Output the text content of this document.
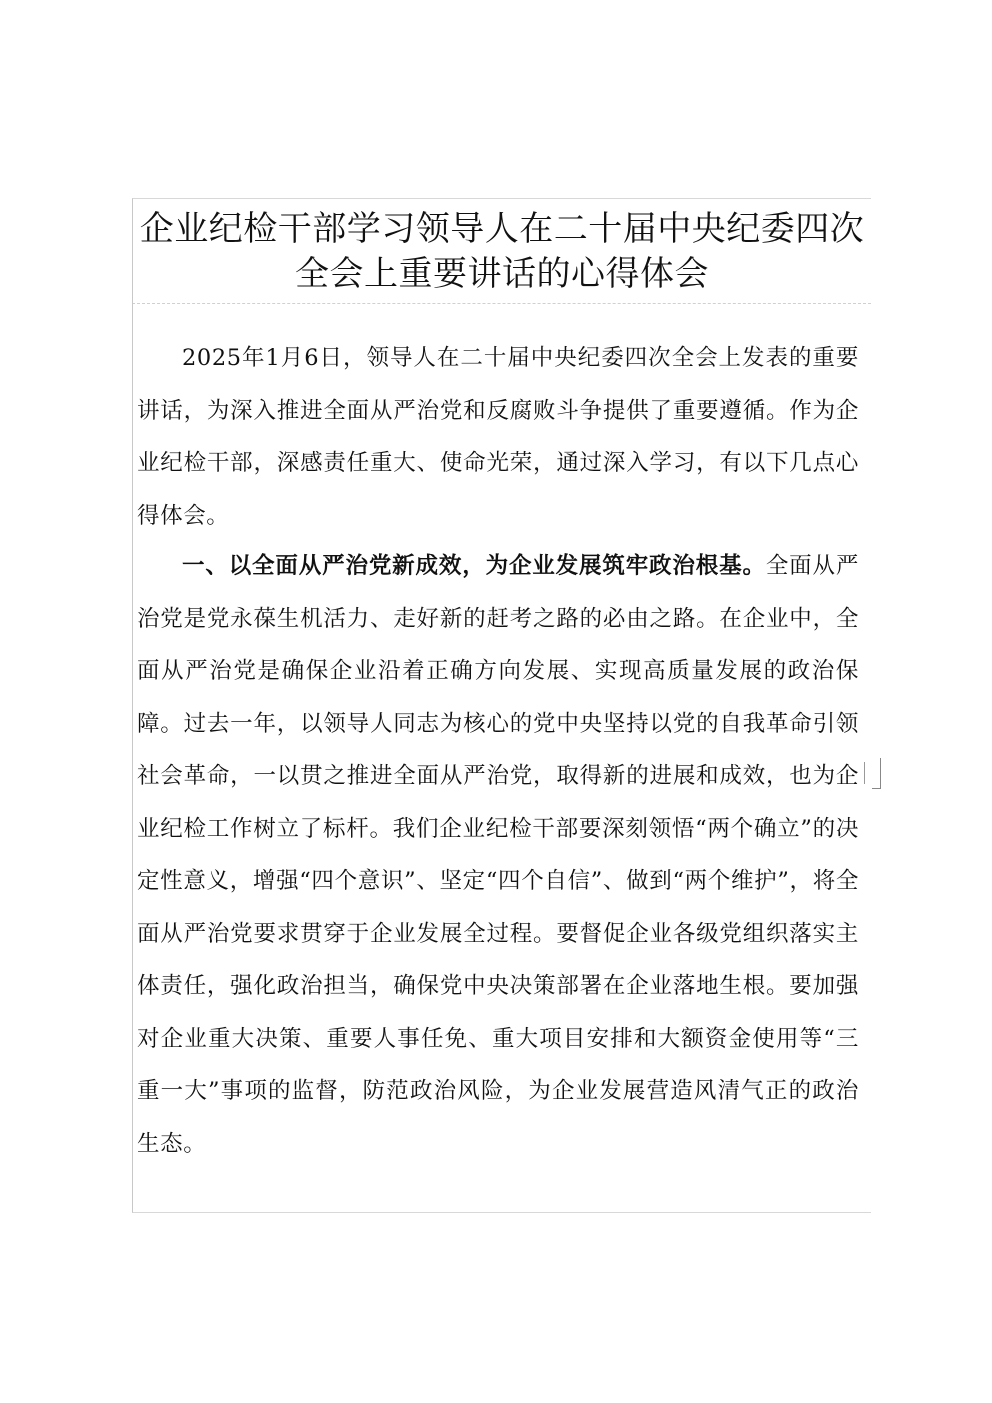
企业纪检干部学习领导人在二十届中央纪委四次全会上重要讲话的心得体会

2025年1月6日，领导人在二十届中央纪委四次全会上发表的重要讲话，为深入推进全面从严治党和反腐败斗争提供了重要遵循。作为企业纪检干部，深感责任重大、使命光荣，通过深入学习，有以下几点心得体会。

一、以全面从严治党新成效，为企业发展筑牢政治根基。全面从严治党是党永葆生机活力、走好新的赶考之路的必由之路。在企业中，全面从严治党是确保企业沿着正确方向发展、实现高质量发展的政治保障。过去一年，以领导人同志为核心的党中央坚持以党的自我革命引领社会革命，一以贯之推进全面从严治党，取得新的进展和成效，也为企业纪检工作树立了标杆。我们企业纪检干部要深刻领悟“两个确立”的决定性意义，增强“四个意识”、坚定“四个自信”、做到“两个维护”，将全面从严治党要求贯穿于企业发展全过程。要督促企业各级党组织落实主体责任，强化政治担当，确保党中央决策部署在企业落地生根。要加强对企业重大决策、重要人事任免、重大项目安排和大额资金使用等“三重一大”事项的监督，防范政治风险，为企业发展营造风清气正的政治生态。
